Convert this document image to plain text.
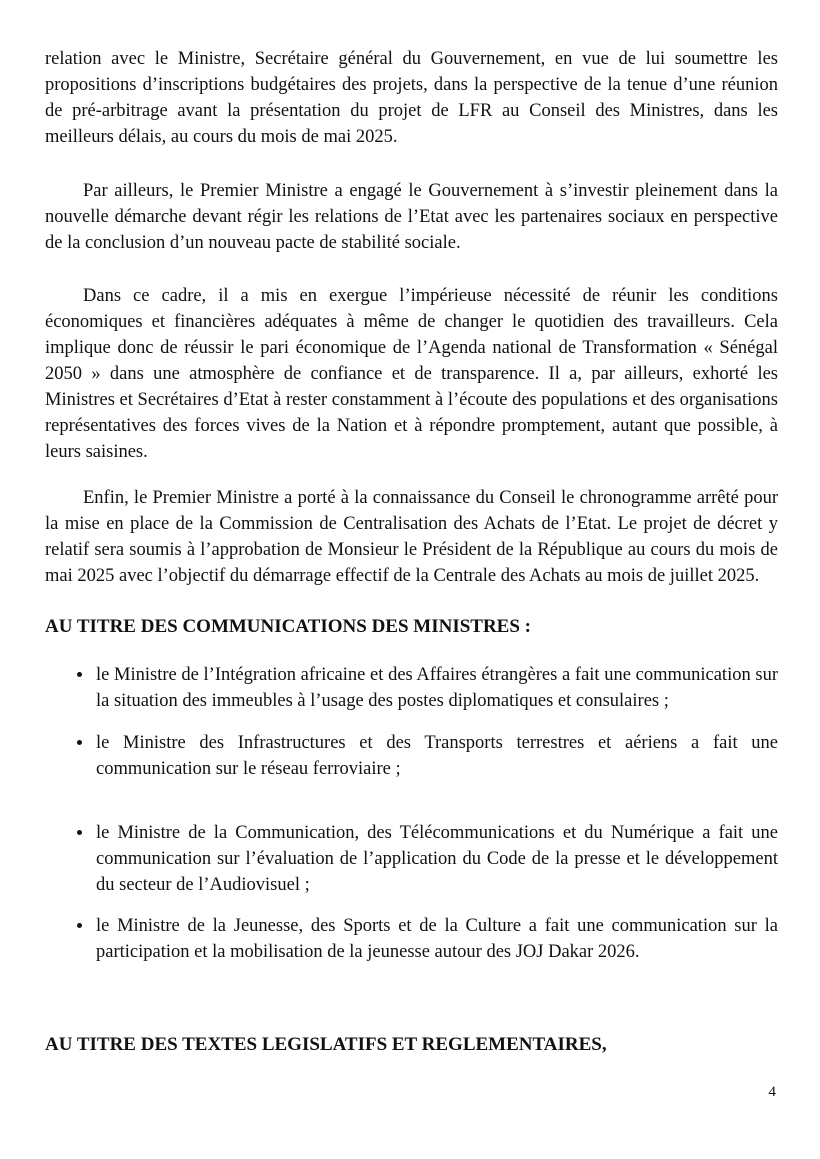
relation avec le Ministre, Secrétaire général du Gouvernement, en vue de lui soumettre les propositions d’inscriptions budgétaires des projets, dans la perspective de la tenue d’une réunion de pré-arbitrage avant la présentation du projet de LFR au Conseil des Ministres, dans les meilleurs délais, au cours du mois de mai 2025.

Par ailleurs, le Premier Ministre a engagé le Gouvernement à s’investir pleinement dans la nouvelle démarche devant régir les relations de l’Etat avec les partenaires sociaux en perspective de la conclusion d’un nouveau pacte de stabilité sociale.

Dans ce cadre, il a mis en exergue l’impérieuse nécessité de réunir les conditions économiques et financières adéquates à même de changer le quotidien des travailleurs. Cela implique donc de réussir le pari économique de l’Agenda national de Transformation « Sénégal 2050 » dans une atmosphère de confiance et de transparence. Il a, par ailleurs, exhorté les Ministres et Secrétaires d’Etat à rester constamment à l’écoute des populations et des organisations représentatives des forces vives de la Nation et à répondre promptement, autant que possible, à leurs saisines.

Enfin, le Premier Ministre a porté à la connaissance du Conseil le chronogramme arrêté pour la mise en place de la Commission de Centralisation des Achats de l’Etat. Le projet de décret y relatif sera soumis à l’approbation de Monsieur le Président de la République au cours du mois de mai 2025 avec l’objectif du démarrage effectif de la Centrale des Achats au mois de juillet 2025.

AU TITRE DES COMMUNICATIONS DES MINISTRES :
• le Ministre de l’Intégration africaine et des Affaires étrangères a fait une communication sur la situation des immeubles à l’usage des postes diplomatiques et consulaires ;
• le Ministre des Infrastructures et des Transports terrestres et aériens a fait une communication sur le réseau ferroviaire ;
• le Ministre de la Communication, des Télécommunications et du Numérique a fait une communication sur l’évaluation de l’application du Code de la presse et le développement du secteur de l’Audiovisuel ;
• le Ministre de la Jeunesse, des Sports et de la Culture a fait une communication sur la participation et la mobilisation de la jeunesse autour des JOJ Dakar 2026.
AU TITRE DES TEXTES LEGISLATIFS ET REGLEMENTAIRES,
4
